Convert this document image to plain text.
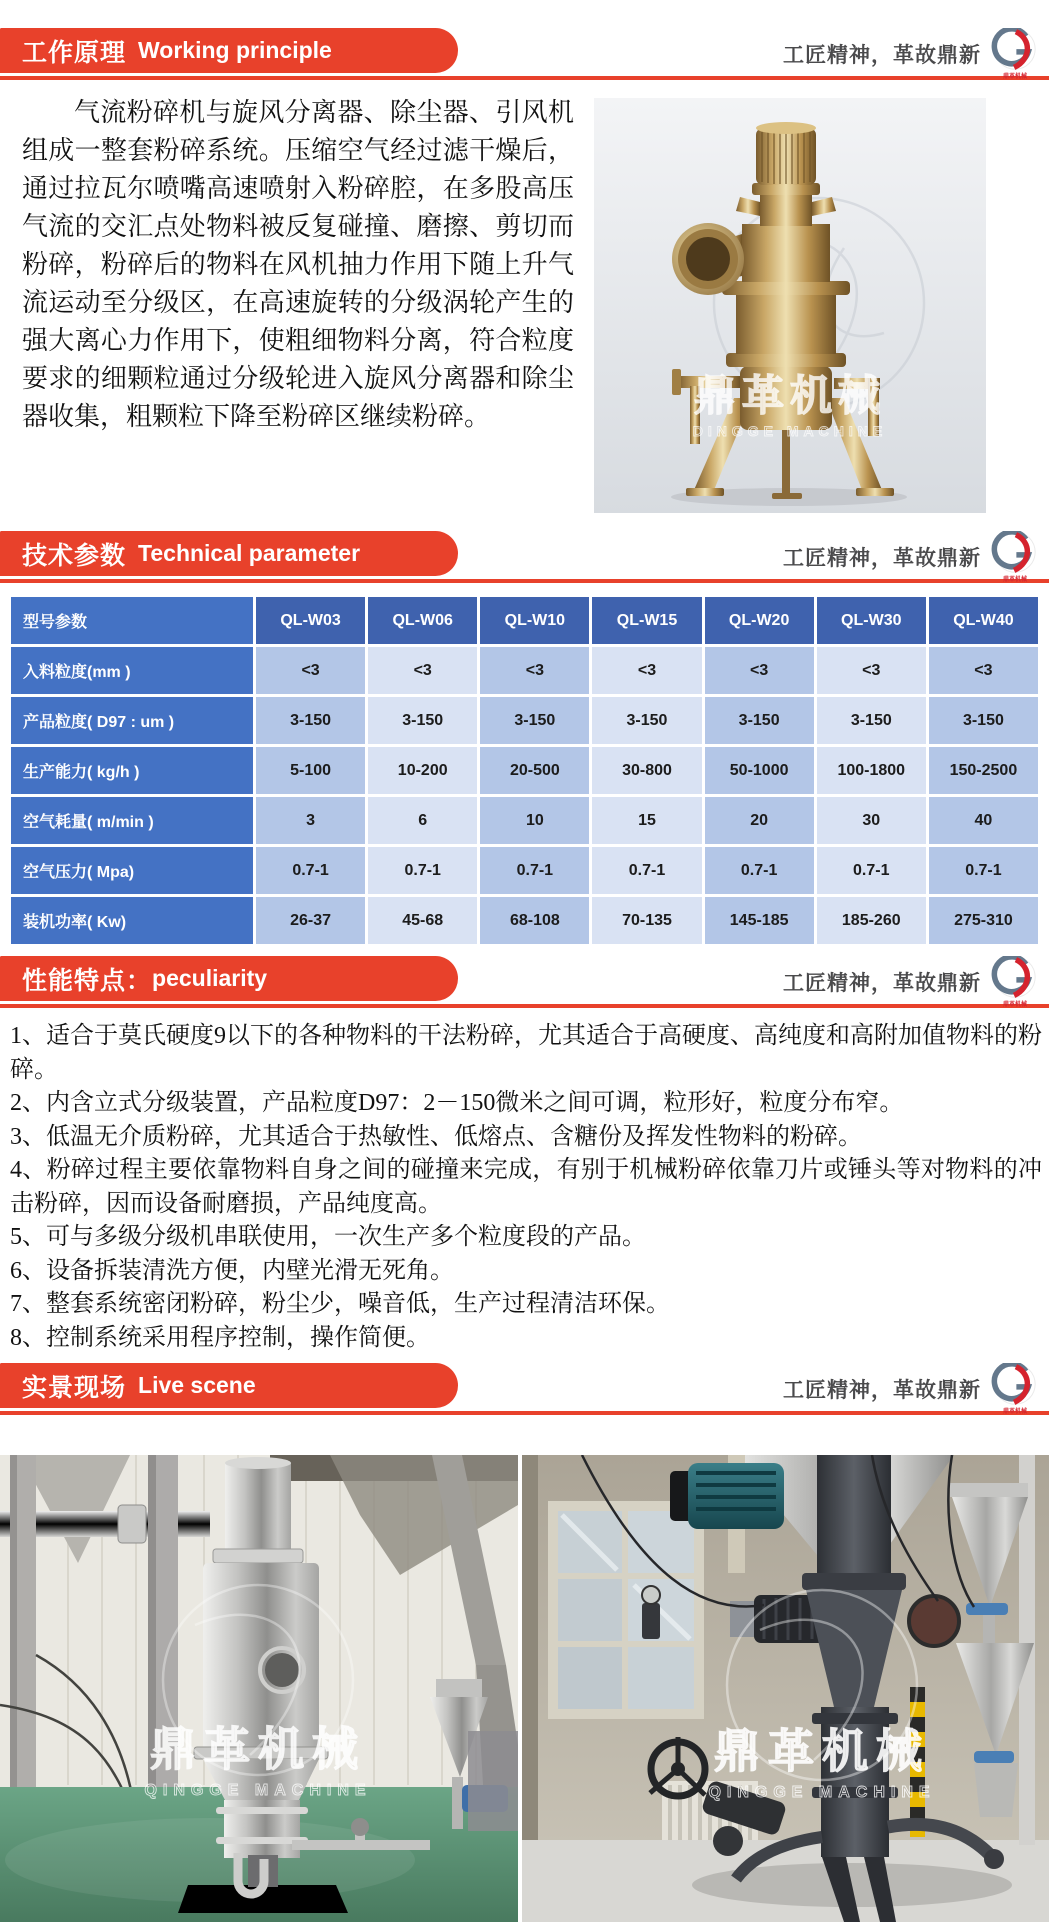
工作原理 Working principle	工匠精神，革故鼎新
鼎革机械
气流粉碎机与旋风分离器、除尘器、引风机组成一整套粉碎系统。压缩空气经过滤干燥后，通过拉瓦尔喷嘴高速喷射入粉碎腔，在多股高压气流的交汇点处物料被反复碰撞、磨擦、剪切而粉碎，粉碎后的物料在风机抽力作用下随上升气流运动至分级区，在高速旋转的分级涡轮产生的强大离心力作用下，使粗细物料分离，符合粒度要求的细颗粒通过分级轮进入旋风分离器和除尘器收集，粗颗粒下降至粉碎区继续粉碎。	鼎革机械
DINGGE MACHINE
技术参数 Technical parameter	工匠精神，革故鼎新
鼎革机械
型号参数	QL-W03	QL-W06	QL-W10	QL-W15	QL-W20	QL-W30	QL-W40
入料粒度(mm )	<3	<3	<3	<3	<3	<3	<3
产品粒度( D97 : um )	3-150	3-150	3-150	3-150	3-150	3-150	3-150
生产能力( kg/h )	5-100	10-200	20-500	30-800	50-1000	100-1800	150-2500
空气耗量( m/min )	3	6	10	15	20	30	40
空气压力( Mpa)	0.7-1	0.7-1	0.7-1	0.7-1	0.7-1	0.7-1	0.7-1
装机功率( Kw)	26-37	45-68	68-108	70-135	145-185	185-260	275-310
性能特点： peculiarity	工匠精神，革故鼎新
鼎革机械

1、适合于莫氏硬度9以下的各种物料的干法粉碎，尤其适合于高硬度、高纯度和高附加值物料的粉碎。

2、内含立式分级装置，产品粒度D97：2－150微米之间可调，粒形好，粒度分布窄。

3、低温无介质粉碎，尤其适合于热敏性、低熔点、含糖份及挥发性物料的粉碎。

4、粉碎过程主要依靠物料自身之间的碰撞来完成，有别于机械粉碎依靠刀片或锤头等对物料的冲击粉碎，因而设备耐磨损，产品纯度高。

5、可与多级分级机串联使用，一次生产多个粒度段的产品。

6、设备拆装清洗方便，内壁光滑无死角。

7、整套系统密闭粉碎，粉尘少，噪音低，生产过程清洁环保。

8、控制系统采用程序控制，操作简便。

实景现场 Live scene	工匠精神，革故鼎新
鼎革机械
鼎革机械
QINGGE MACHINE
鼎革机械
QINGGE MACHINE
